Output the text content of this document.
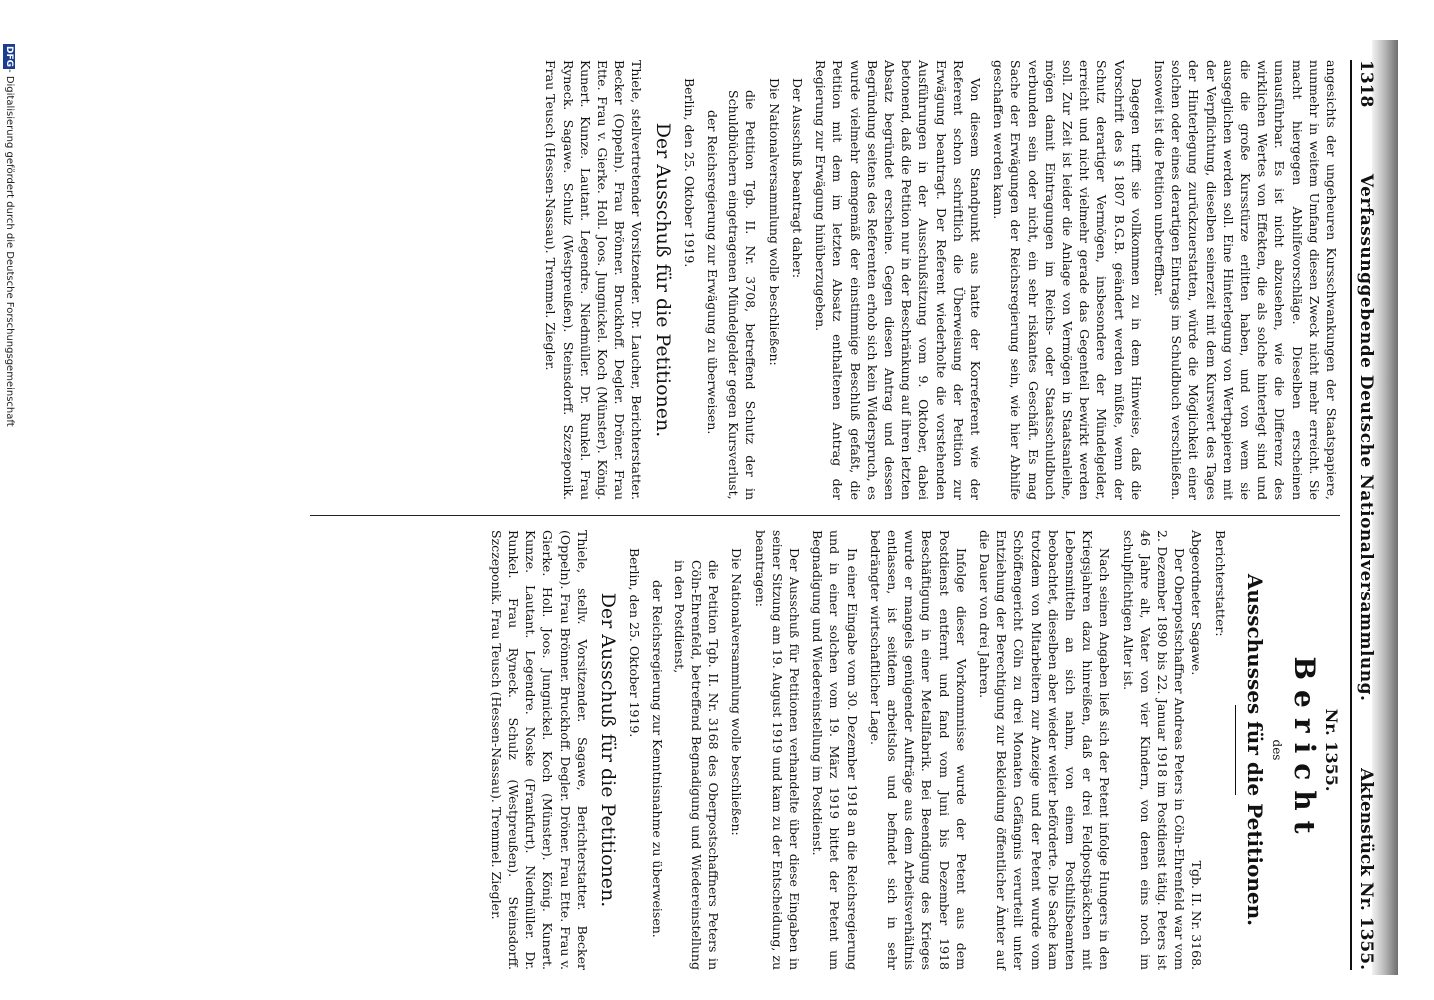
Digitalisierung gefördert durch die Deutsche Forschungsgemeinschaft -DFG
1318
Verfassunggebende Deutsche Nationalversammlung.
Aktenstück Nr. 1355.

angesichts der ungeheuren Kursschwankungen der Staatspapiere, nunmehr in weitem Umfang diesen Zweck nicht mehr erreicht. Sie macht hiergegen Abhilfevorschläge. Dieselben erscheinen unausführbar. Es ist nicht abzusehen, wie die Differenz des wirklichen Wertes von Effekten, die als solche hinterlegt sind und die die große Kursstürze erlitten haben, und von wem sie ausgeglichen werden soll. Eine Hinterlegung von Wertpapieren mit der Verpflichtung, dieselben seinerzeit mit dem Kurswert des Tages der Hinterlegung zurückzuerstatten, würde die Möglichkeit einer solchen oder eines derartigen Eintrags im Schuldbuch verschließen. Insoweit ist die Petition unbetreffbar.

Dagegen trifft sie vollkommen zu in dem Hinweise, daß die Vorschrift des § 1807 B.G.B. geändert werden müßte, wenn der Schutz derartiger Vermögen, insbesondere der Mündelgelder, erreicht und nicht vielmehr gerade das Gegenteil bewirkt werden soll. Zur Zeit ist leider die Anlage von Vermögen in Staatsanleihe, mögen damit Eintragungen im Reichs- oder Staatsschuldbuch verbunden sein oder nicht, ein sehr riskantes Geschäft. Es mag Sache der Erwägungen der Reichsregierung sein, wie hier Abhilfe geschaffen werden kann.

Von diesem Standpunkt aus hatte der Korreferent wie der Referent schon schriftlich die Überweisung der Petition zur Erwägung beantragt. Der Referent wiederholte die vorstehenden Ausführungen in der Ausschußsitzung vom 9. Oktober, dabei betonend, daß die Petition nur in der Beschränkung auf ihren letzten Absatz begründet erscheine. Gegen diesen Antrag und dessen Begründung seitens des Referenten erhob sich kein Widerspruch, es wurde vielmehr demgemäß der einstimmige Beschluß gefaßt, die Petition mit dem im letzten Absatz enthaltenen Antrag der Regierung zur Erwägung hinüberzugeben.

Der Ausschuß beantragt daher:

Die Nationalversammlung wolle beschließen:

die Petition Tgb. II. Nr. 3708, betreffend Schutz der in Schuldbüchern eingetragenen Mündelgelder gegen Kursverlust,
der Reichsregierung zur Erwägung zu überweisen.

Berlin, den 25. Oktober 1919.

Der Ausschuß für die Petitionen.
Thiele, stellvertretender Vorsitzender. Dr. Laucher, Berichterstatter. Becker (Oppeln). Frau Brönner. Bruckhoff. Degler. Dröner. Frau Ette. Frau v. Gierke. Holl. Joos. Jungnickel. Koch (Münster). König. Kunert. Kunze. Lautant. Legendre. Niedmüller. Dr. Runkel. Frau Ryneck. Sagawe. Schulz (Westpreußen). Steinsdorff. Szczeponik. Frau Teusch (Hessen-Nassau). Tremmel. Ziegler.
Nr. 1355.
Bericht
des
Ausschusses für die Petitionen.

Berichterstatter:

Abgeordneter Sagawe.
Tgb. II. Nr. 3168.

Der Oberpostschaffner Andreas Peters in Cöln-Ehrenfeld war vom 2. Dezember 1890 bis 22. Januar 1918 im Postdienst tätig. Peters ist 46 Jahre alt, Vater von vier Kindern, von denen eins noch im schulpflichtigen Alter ist.

Nach seinen Angaben ließ sich der Petent infolge Hungers in den Kriegsjahren dazu hinreißen, daß er drei Feldpostpäckchen mit Lebensmitteln an sich nahm, von einem Posthilfsbeamten beobachtet, dieselben aber wieder weiter beförderte. Die Sache kam trotzdem von Mitarbeitern zur Anzeige und der Petent wurde vom Schöffengericht Cöln zu drei Monaten Gefängnis verurteilt unter Entziehung der Berechtigung zur Bekleidung öffentlicher Ämter auf die Dauer von drei Jahren.

Infolge dieser Vorkommnisse wurde der Petent aus dem Postdienst entfernt und fand vom Juni bis Dezember 1918 Beschäftigung in einer Metallfabrik. Bei Beendigung des Krieges wurde er mangels genügender Aufträge aus dem Arbeitsverhältnis entlassen, ist seitdem arbeitslos und befindet sich in sehr bedrängter wirtschaftlicher Lage.

In einer Eingabe vom 30. Dezember 1918 an die Reichsregierung und in einer solchen vom 19. März 1919 bittet der Petent um Begnadigung und Wiedereinstellung im Postdienst.

Der Ausschuß für Petitionen verhandelte über diese Eingaben in seiner Sitzung am 19. August 1919 und kam zu der Entscheidung, zu beantragen:

Die Nationalversammlung wolle beschließen:

die Petition Tgb. II. Nr. 3168 des Oberpostschaffners Peters in Cöln-Ehrenfeld, betreffend Begnadigung und Wiedereinstellung in den Postdienst,
der Reichsregierung zur Kenntnisnahme zu überweisen.

Berlin, den 25. Oktober 1919.

Der Ausschuß für die Petitionen.
Thiele, stellv. Vorsitzender. Sagawe, Berichterstatter. Becker (Oppeln). Frau Brönner. Bruckhoff. Degler. Dröner. Frau Ette. Frau v. Gierke. Holl. Joos. Jungnickel. Koch (Münster). König. Kunert. Kunze. Lautant. Legendre. Noske (Frankfurt). Niedmüller. Dr. Runkel. Frau Ryneck. Schulz (Westpreußen). Steinsdorff. Szczeponik. Frau Teusch (Hessen-Nassau). Tremmel. Ziegler.
